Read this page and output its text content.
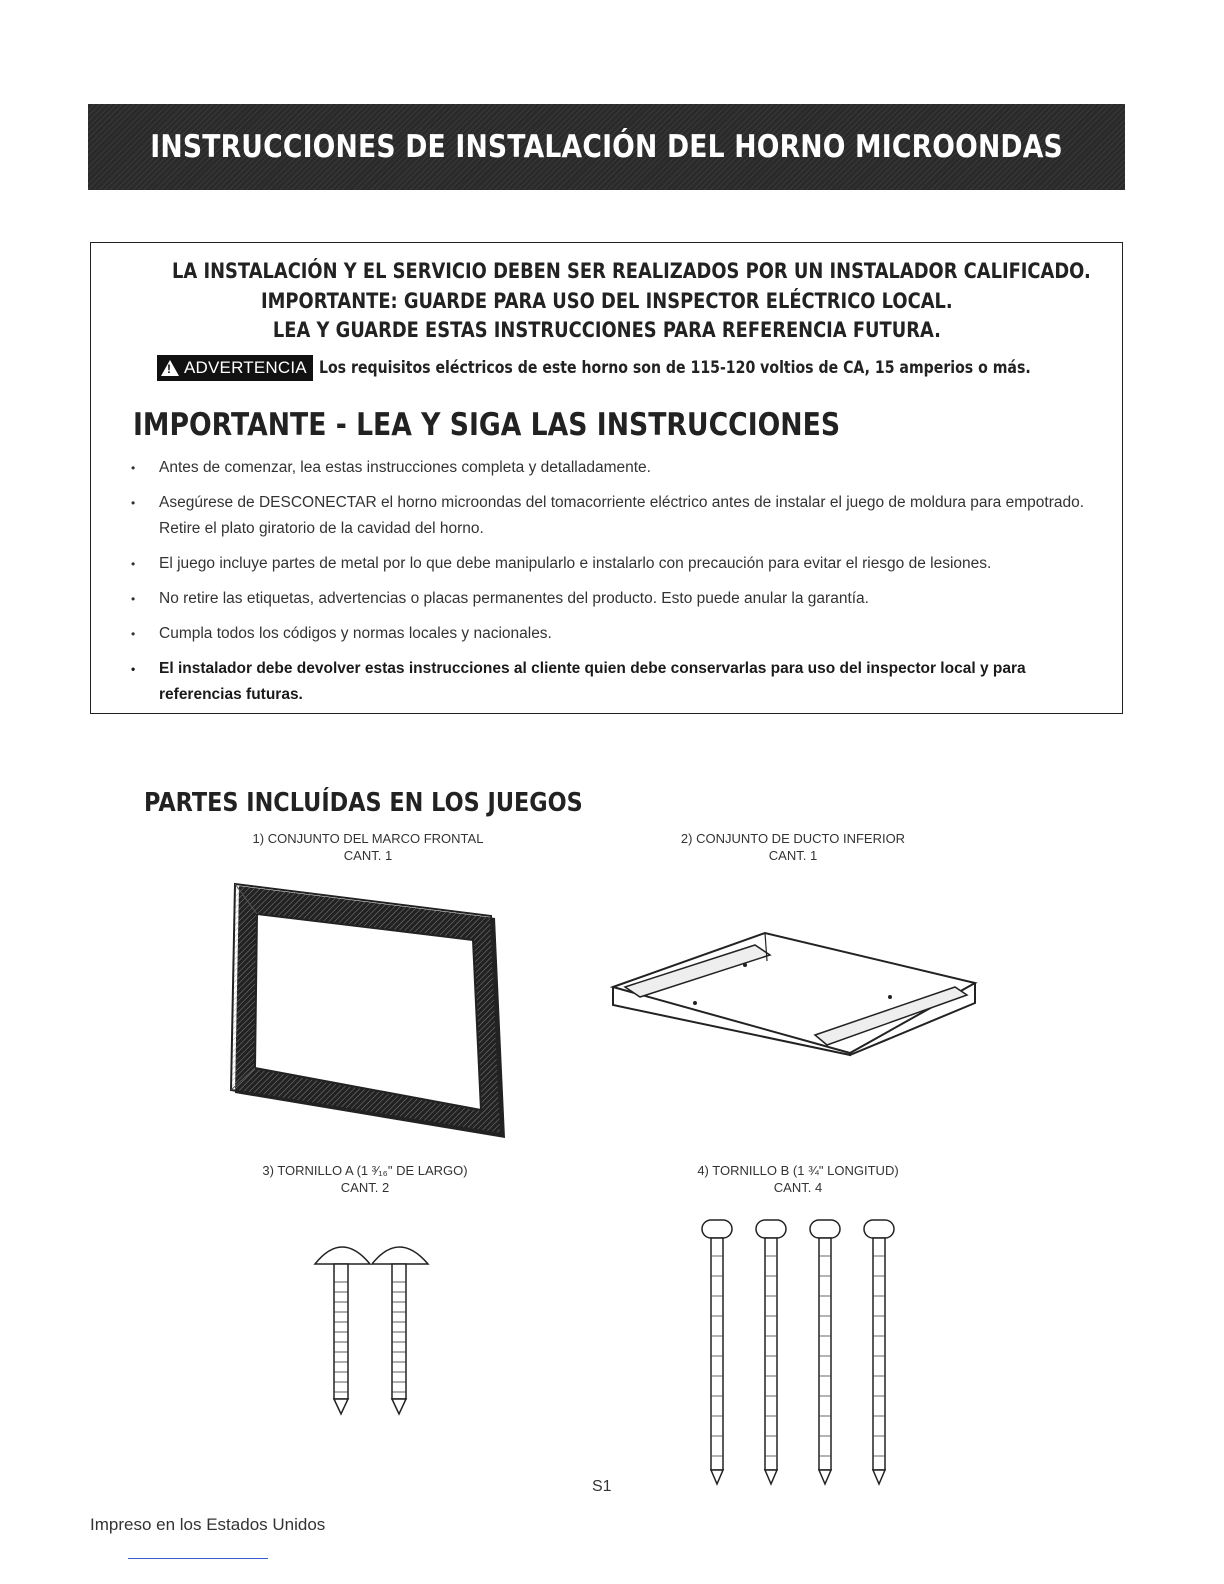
INSTRUCCIONES DE INSTALACIÓN DEL HORNO MICROONDAS
LA INSTALACIÓN Y EL SERVICIO DEBEN SER REALIZADOS POR UN INSTALADOR CALIFICADO.
IMPORTANTE: GUARDE PARA USO DEL INSPECTOR ELÉCTRICO LOCAL.
LEA Y GUARDE ESTAS INSTRUCCIONES PARA REFERENCIA FUTURA.
!
ADVERTENCIA Los requisitos eléctricos de este horno son de 115-120 voltios de CA, 15 amperios o más.
IMPORTANTE - LEA Y SIGA LAS INSTRUCCIONES
• Antes de comenzar, lea estas instrucciones completa y detalladamente.
• Asegúrese de DESCONECTAR el horno microondas del tomacorriente eléctrico antes de instalar el juego de moldura para empotrado. Retire el plato giratorio de la cavidad del horno.
• El juego incluye partes de metal por lo que debe manipularlo e instalarlo con precaución para evitar el riesgo de lesiones.
• No retire las etiquetas, advertencias o placas permanentes del producto. Esto puede anular la garantía.
• Cumpla todos los códigos y normas locales y nacionales.
• El instalador debe devolver estas instrucciones al cliente quien debe conservarlas para uso del inspector local y para referencias futuras.
PARTES INCLUÍDAS EN LOS JUEGOS
1) CONJUNTO DEL MARCO FRONTAL
CANT. 1
2) CONJUNTO DE DUCTO INFERIOR
CANT. 1
3) TORNILLO A (1 ³⁄₁₆" DE LARGO)
CANT. 2
4) TORNILLO B (1 ¾" LONGITUD)
CANT. 4
S1
Impreso en los Estados Unidos
